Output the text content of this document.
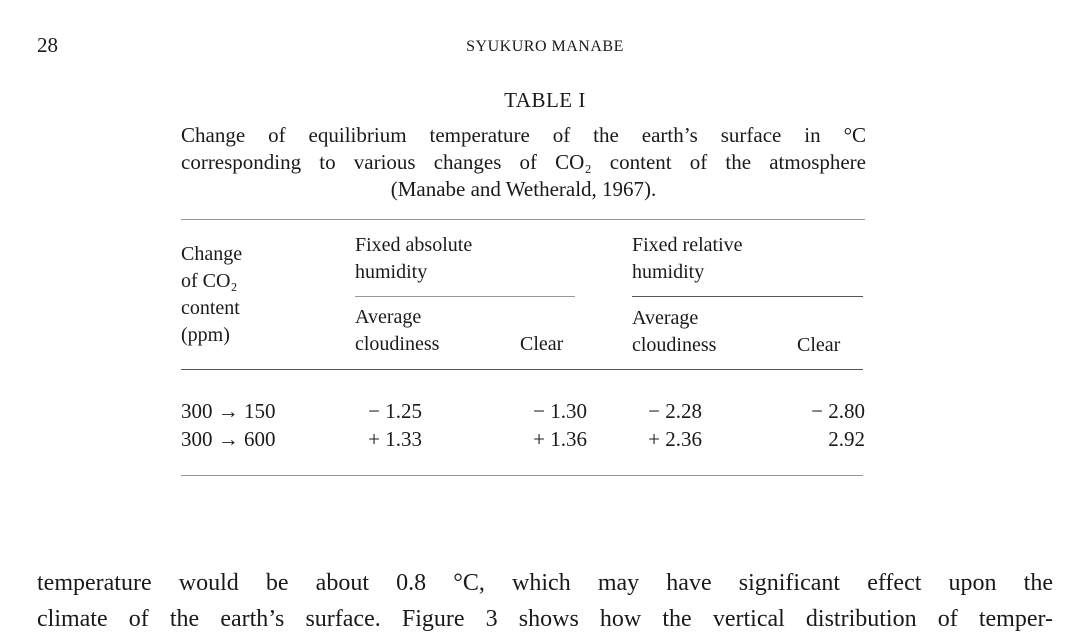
28	SYUKURO MANABE
TABLE I
Change of equilibrium temperature of the earth’s surface in °C
corresponding to various changes of CO₂ content of the atmosphere
(Manabe and Wetherald, 1967).
Change
of CO₂
content
(ppm)
Fixed absolute
humidity
Fixed relative
humidity
Average
cloudiness	Clear
Average
cloudiness	Clear
300 → 150	− 1.25	− 1.30	− 2.28	− 2.80
300 → 600	+ 1.33	+ 1.36	+ 2.36	2.92
temperature would be about 0.8 °C, which may have significant effect upon the
climate of the earth’s surface. Figure 3 shows how the vertical distribution of temper-
